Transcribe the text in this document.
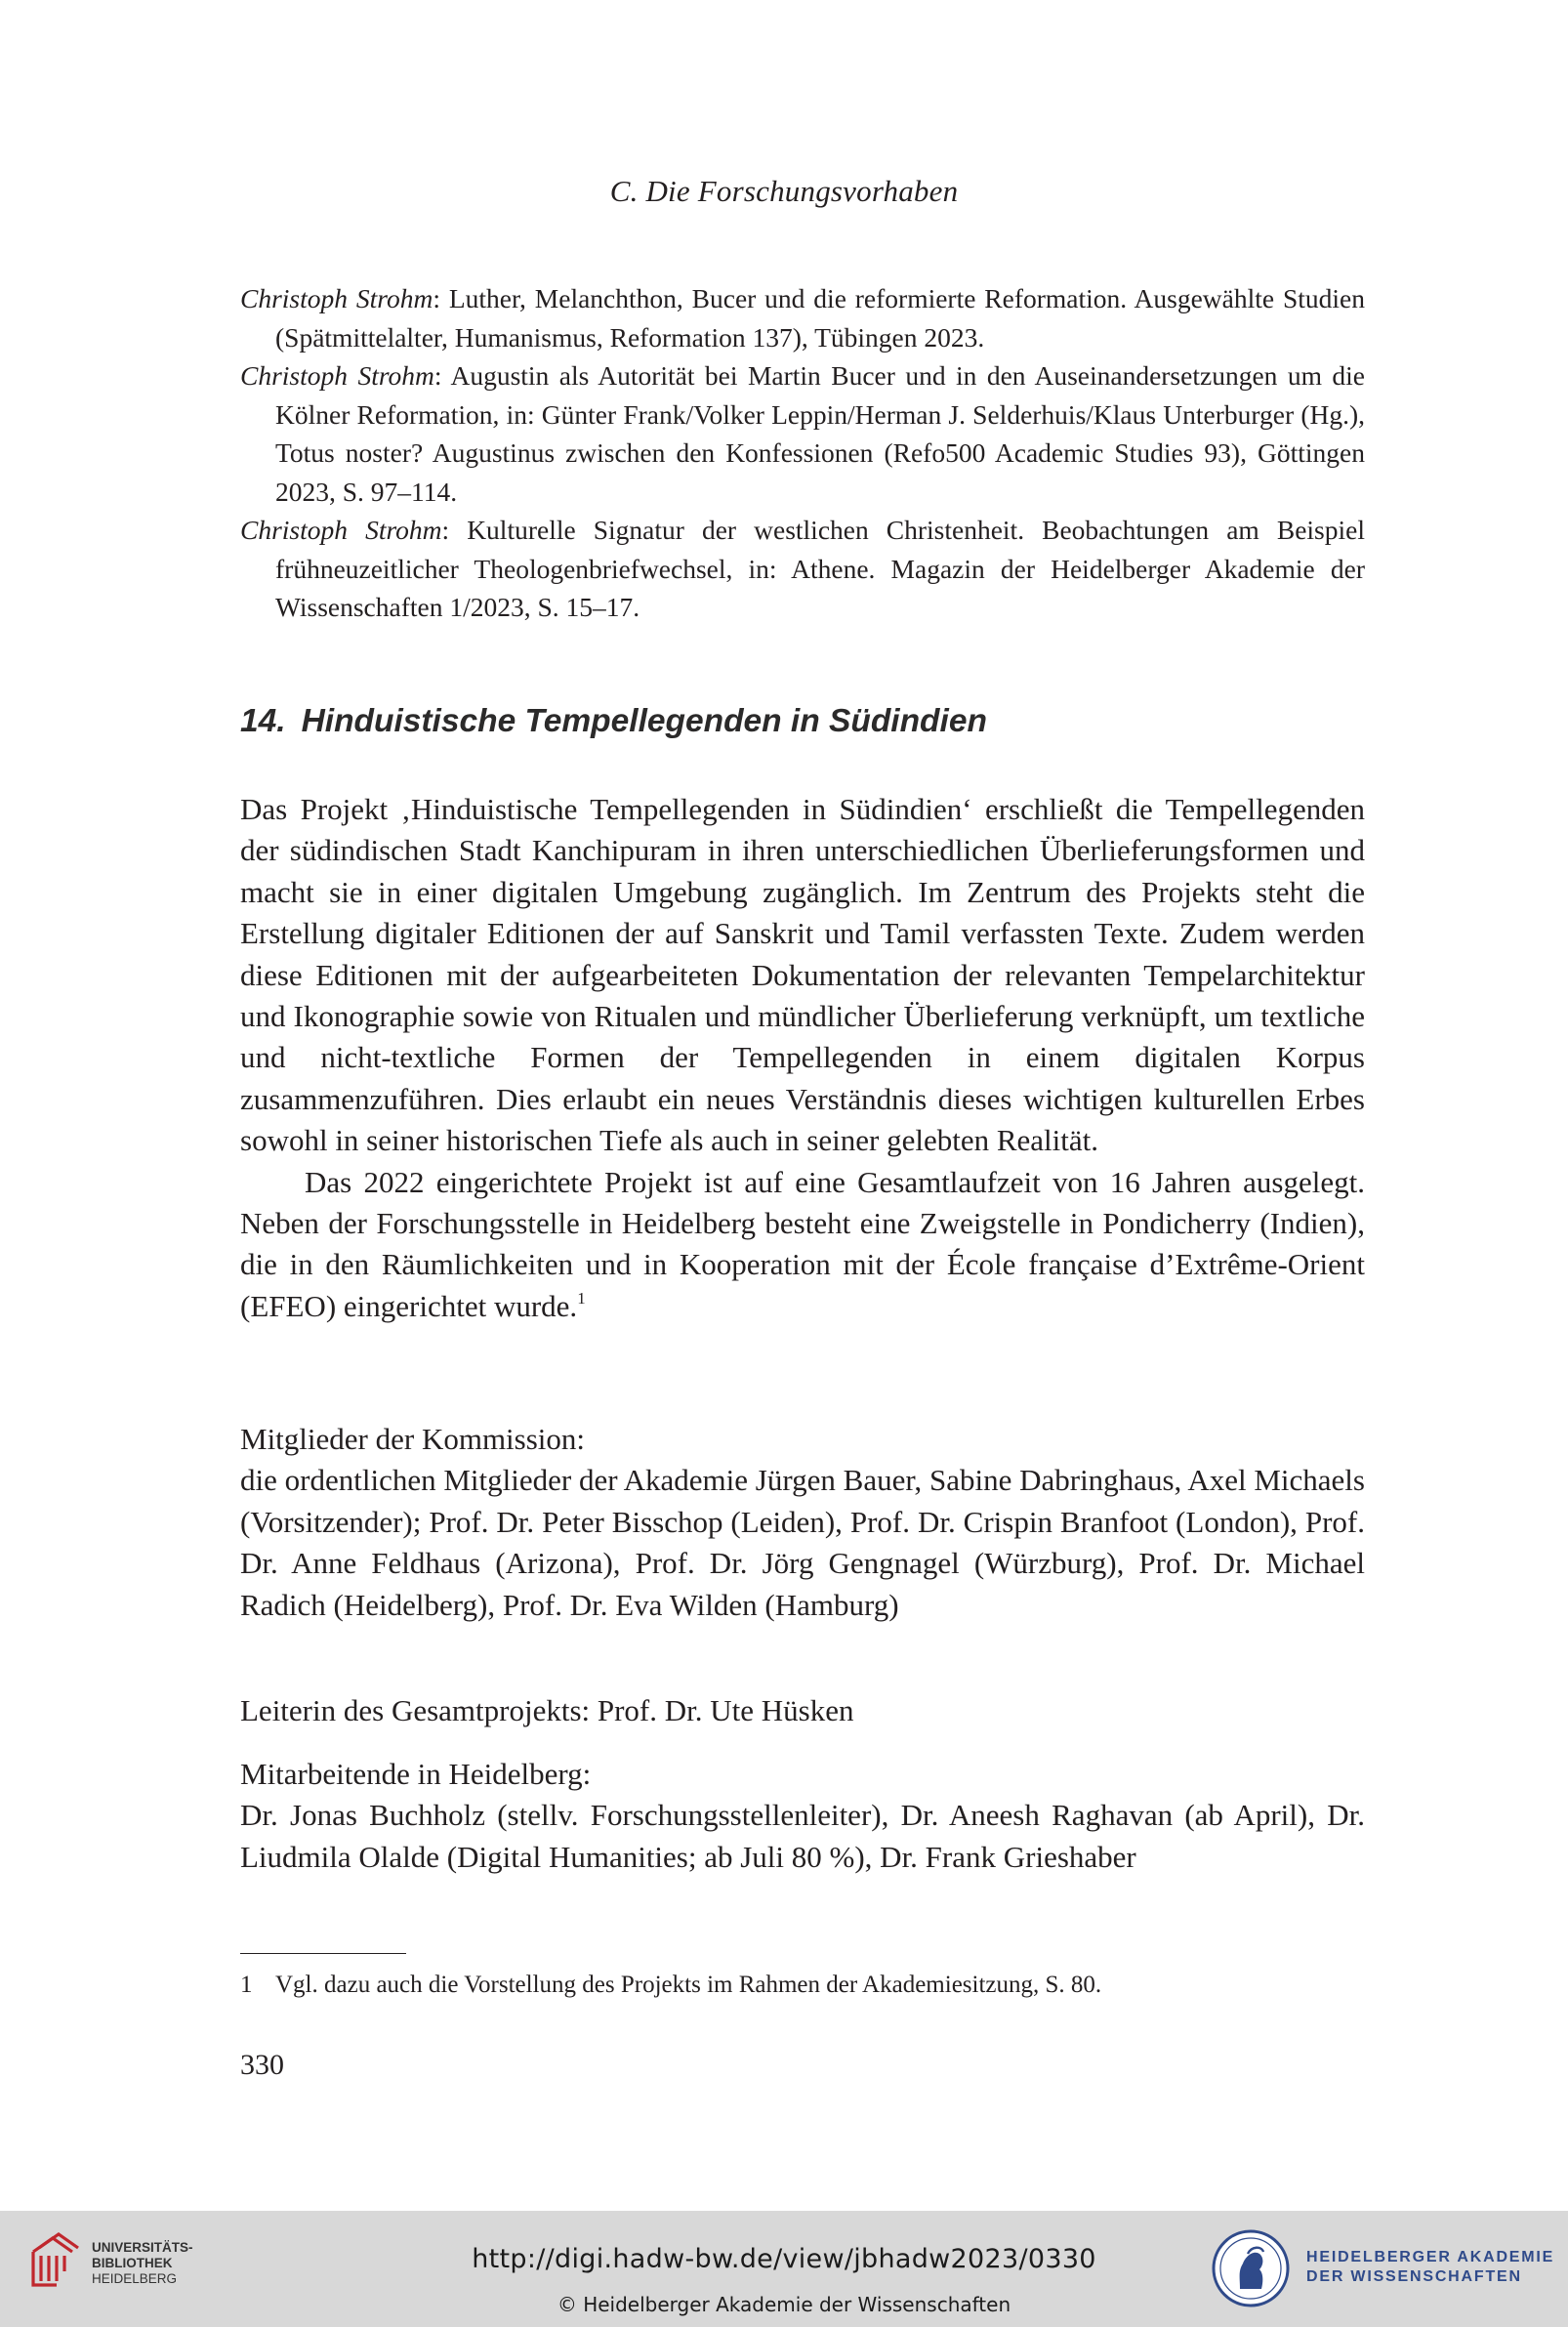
C. Die Forschungsvorhaben

Christoph Strohm: Luther, Melanchthon, Bucer und die reformierte Reformation. Ausgewählte Studien (Spätmittelalter, Humanismus, Reformation 137), Tübingen 2023.

Christoph Strohm: Augustin als Autorität bei Martin Bucer und in den Auseinandersetzungen um die Kölner Reformation, in: Günter Frank/Volker Leppin/Herman J. Selderhuis/Klaus Unterburger (Hg.), Totus noster? Augustinus zwischen den Konfessionen (Refo500 Academic Studies 93), Göttingen 2023, S. 97–114.

Christoph Strohm: Kulturelle Signatur der westlichen Christenheit. Beobachtungen am Beispiel frühneuzeitlicher Theologenbriefwechsel, in: Athene. Magazin der Heidelberger Akademie der Wissenschaften 1/2023, S. 15–17.

14. Hinduistische Tempellegenden in Südindien

Das Projekt ‚Hinduistische Tempellegenden in Südindien‘ erschließt die Tempellegenden der südindischen Stadt Kanchipuram in ihren unterschiedlichen Überlieferungsformen und macht sie in einer digitalen Umgebung zugänglich. Im Zentrum des Projekts steht die Erstellung digitaler Editionen der auf Sanskrit und Tamil verfassten Texte. Zudem werden diese Editionen mit der aufgearbeiteten Dokumentation der relevanten Tempelarchitektur und Ikonographie sowie von Ritualen und mündlicher Überlieferung verknüpft, um textliche und nicht-textliche Formen der Tempellegenden in einem digitalen Korpus zusammenzuführen. Dies erlaubt ein neues Verständnis dieses wichtigen kulturellen Erbes sowohl in seiner historischen Tiefe als auch in seiner gelebten Realität.

Das 2022 eingerichtete Projekt ist auf eine Gesamtlaufzeit von 16 Jahren ausgelegt. Neben der Forschungsstelle in Heidelberg besteht eine Zweigstelle in Pondicherry (Indien), die in den Räumlichkeiten und in Kooperation mit der École française d’Extrême-Orient (EFEO) eingerichtet wurde.$^1$

Mitglieder der Kommission:

die ordentlichen Mitglieder der Akademie Jürgen Bauer, Sabine Dabringhaus, Axel Michaels (Vorsitzender); Prof. Dr. Peter Bisschop (Leiden), Prof. Dr. Crispin Branfoot (London), Prof. Dr. Anne Feldhaus (Arizona), Prof. Dr. Jörg Gengnagel (Würzburg), Prof. Dr. Michael Radich (Heidelberg), Prof. Dr. Eva Wilden (Hamburg)

Leiterin des Gesamtprojekts: Prof. Dr. Ute Hüsken

Mitarbeitende in Heidelberg:

Dr. Jonas Buchholz (stellv. Forschungsstellenleiter), Dr. Aneesh Raghavan (ab April), Dr. Liudmila Olalde (Digital Humanities; ab Juli 80 %), Dr. Frank Grieshaber

1 Vgl. dazu auch die Vorstellung des Projekts im Rahmen der Akademiesitzung, S. 80.
330
UNIVERSITÄTS-
BIBLIOTHEK
HEIDELBERG
http://digi.hadw-bw.de/view/jbhadw2023/0330
© Heidelberger Akademie der Wissenschaften
HEIDELBERGER AKADEMIE
DER WISSENSCHAFTEN
